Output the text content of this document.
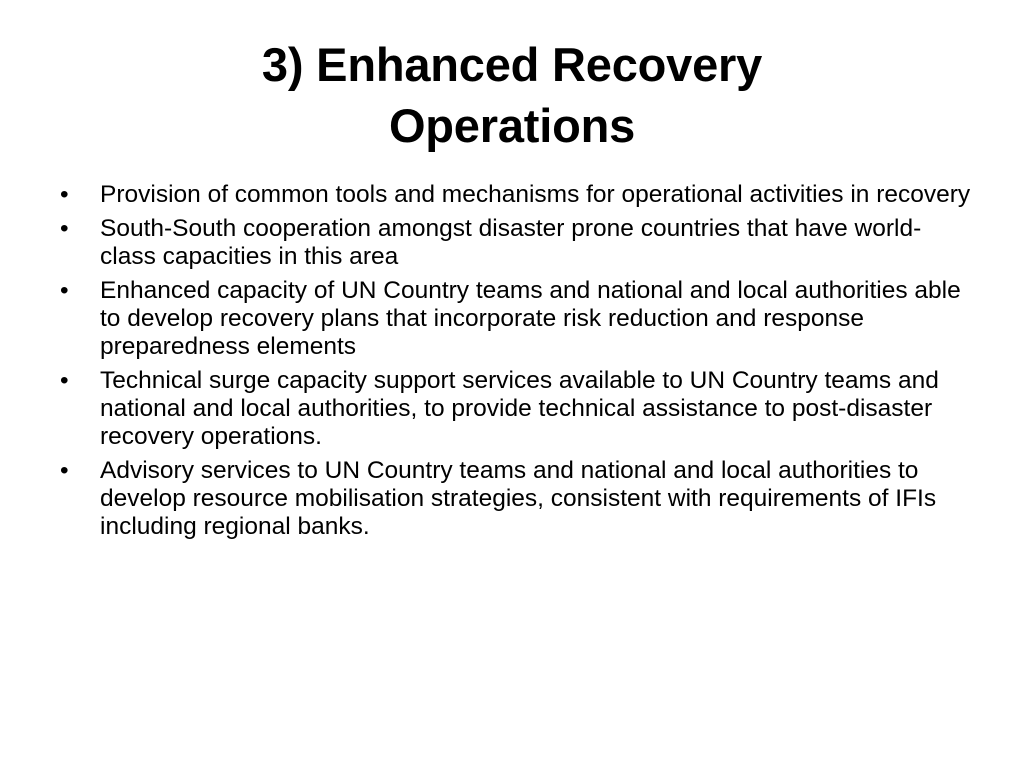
3) Enhanced Recovery
Operations
•	Provision of common tools and mechanisms for operational activities in recovery
•	South-South cooperation amongst disaster prone countries that have world-class capacities in this area
•	Enhanced capacity of UN Country teams and national and local authorities able to develop recovery plans that incorporate risk reduction and response preparedness elements
•	Technical surge capacity support services available to UN Country teams and national and local authorities, to provide technical assistance to post-disaster recovery operations.
•	Advisory services to UN Country teams and national and local authorities to develop resource mobilisation strategies, consistent with requirements of IFIs including regional banks.
